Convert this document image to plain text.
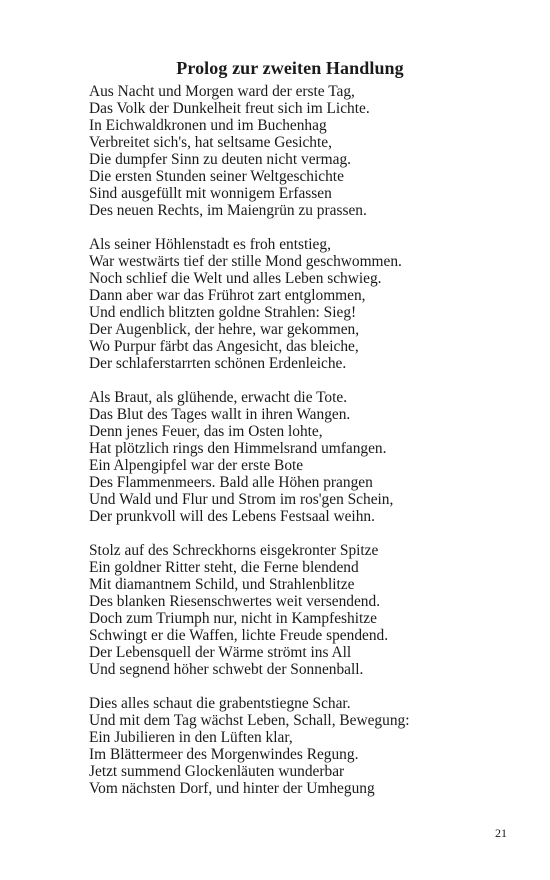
Prolog zur zweiten Handlung
Aus Nacht und Morgen ward der erste Tag,
Das Volk der Dunkelheit freut sich im Lichte.
In Eichwaldkronen und im Buchenhag
Verbreitet sich's, hat seltsame Gesichte,
Die dumpfer Sinn zu deuten nicht vermag.
Die ersten Stunden seiner Weltgeschichte
Sind ausgefüllt mit wonnigem Erfassen
Des neuen Rechts, im Maiengrün zu prassen.
Als seiner Höhlenstadt es froh entstieg,
War westwärts tief der stille Mond geschwommen.
Noch schlief die Welt und alles Leben schwieg.
Dann aber war das Frührot zart entglommen,
Und endlich blitzten goldne Strahlen: Sieg!
Der Augenblick, der hehre, war gekommen,
Wo Purpur färbt das Angesicht, das bleiche,
Der schlaferstarrten schönen Erdenleiche.
Als Braut, als glühende, erwacht die Tote.
Das Blut des Tages wallt in ihren Wangen.
Denn jenes Feuer, das im Osten lohte,
Hat plötzlich rings den Himmelsrand umfangen.
Ein Alpengipfel war der erste Bote
Des Flammenmeers. Bald alle Höhen prangen
Und Wald und Flur und Strom im ros'gen Schein,
Der prunkvoll will des Lebens Festsaal weihn.
Stolz auf des Schreckhorns eisgekronter Spitze
Ein goldner Ritter steht, die Ferne blendend
Mit diamantnem Schild, und Strahlenblitze
Des blanken Riesenschwertes weit versendend.
Doch zum Triumph nur, nicht in Kampfeshitze
Schwingt er die Waffen, lichte Freude spendend.
Der Lebensquell der Wärme strömt ins All
Und segnend höher schwebt der Sonnenball.
Dies alles schaut die grabentstiegne Schar.
Und mit dem Tag wächst Leben, Schall, Bewegung:
Ein Jubilieren in den Lüften klar,
Im Blättermeer des Morgenwindes Regung.
Jetzt summend Glockenläuten wunderbar
Vom nächsten Dorf, und hinter der Umhegung
21
